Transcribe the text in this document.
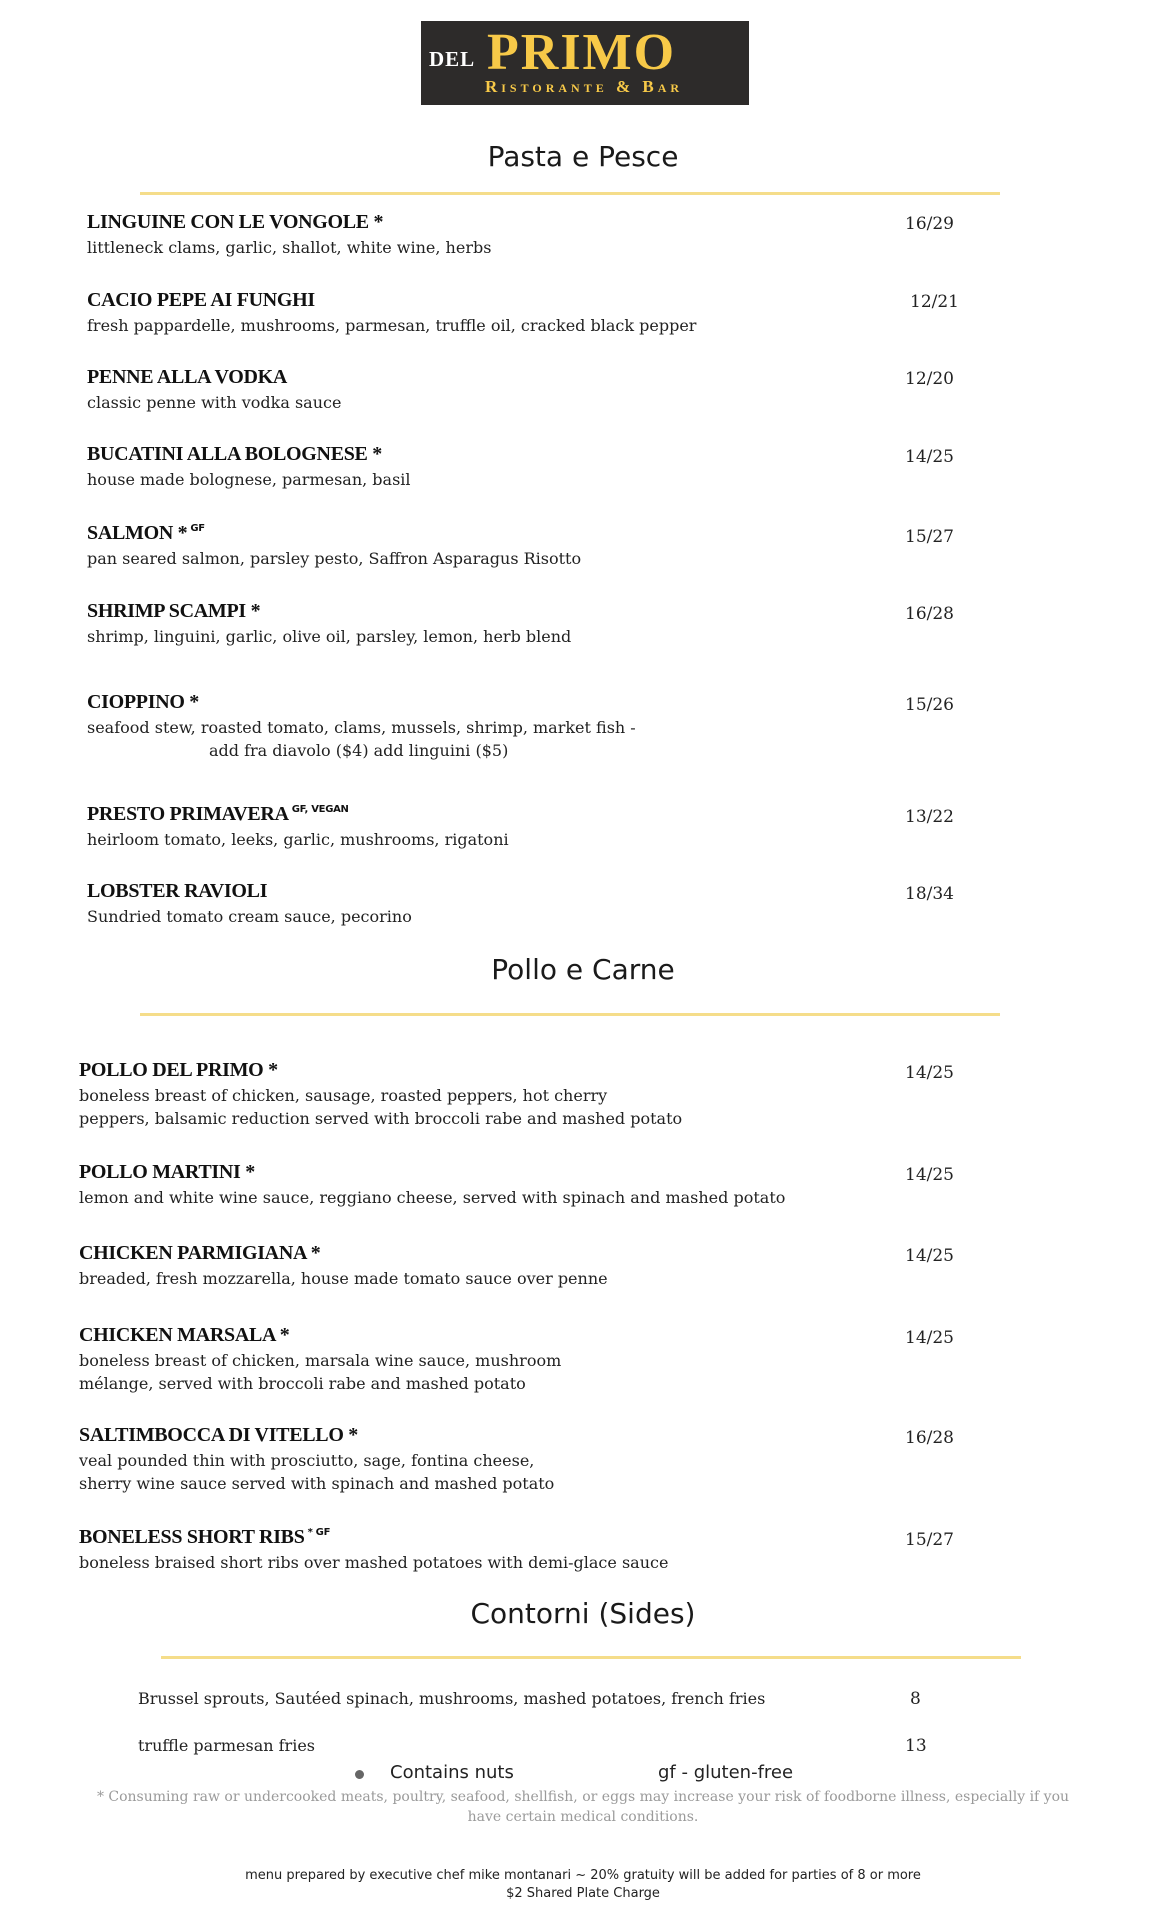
DEL PRIMO
Ristorante & Bar
Pasta e Pesce
LINGUINE CON LE VONGOLE *
littleneck clams, garlic, shallot, white wine, herbs
16/29
CACIO PEPE AI FUNGHI
fresh pappardelle, mushrooms, parmesan, truffle oil, cracked black pepper
12/21
PENNE ALLA VODKA
classic penne with vodka sauce
12/20
BUCATINI ALLA BOLOGNESE *
house made bolognese, parmesan, basil
14/25
SALMON * $^{GF}$
pan seared salmon, parsley pesto, Saffron Asparagus Risotto
15/27
SHRIMP SCAMPI *
shrimp, linguini, garlic, olive oil, parsley, lemon, herb blend
16/28
CIOPPINO *
seafood stew, roasted tomato, clams, mussels, shrimp, market fish -
add fra diavolo ($4) add linguini ($5)
15/26
PRESTO PRIMAVERA $^{GF, VEGAN}$
heirloom tomato, leeks, garlic, mushrooms, rigatoni
13/22
LOBSTER RAVIOLI
Sundried tomato cream sauce, pecorino
18/34
Pollo e Carne
POLLO DEL PRIMO *
boneless breast of chicken, sausage, roasted peppers, hot cherry
peppers, balsamic reduction served with broccoli rabe and mashed potato
14/25
POLLO MARTINI *
lemon and white wine sauce, reggiano cheese, served with spinach and mashed potato
14/25
CHICKEN PARMIGIANA *
breaded, fresh mozzarella, house made tomato sauce over penne
14/25
CHICKEN MARSALA *
boneless breast of chicken, marsala wine sauce, mushroom
mélange, served with broccoli rabe and mashed potato
14/25
SALTIMBOCCA DI VITELLO *
veal pounded thin with prosciutto, sage, fontina cheese,
sherry wine sauce served with spinach and mashed potato
16/28
BONELESS SHORT RIBS $^{* GF}$
boneless braised short ribs over mashed potatoes with demi-glace sauce
15/27
Contorni (Sides)
Brussel sprouts, Sautéed spinach, mushrooms, mashed potatoes, french fries	8
truffle parmesan fries	13
Contains nuts	gf - gluten-free
* Consuming raw or undercooked meats, poultry, seafood, shellfish, or eggs may increase your risk of foodborne illness, especially if you
have certain medical conditions.
menu prepared by executive chef mike montanari ~ 20% gratuity will be added for parties of 8 or more
$2 Shared Plate Charge
